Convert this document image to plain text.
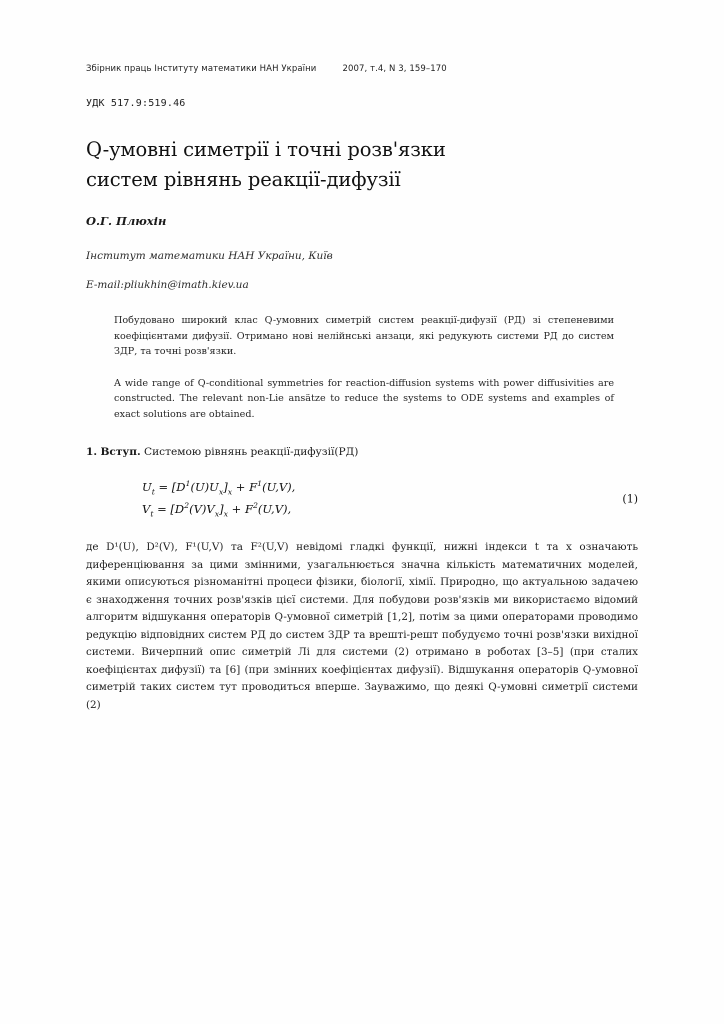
Збірник праць Інституту математики НАН України	2007, т.4, N 3, 159–170
УДК 517.9:519.46
Q-умовні симетрії і точні розв'язки
систем рівнянь реакції-дифузії
О.Г. Плюхін
Інститут математики НАН України, Київ
E-mail:pliukhin@imath.kiev.ua
Побудовано широкий клас Q-умовних симетрій систем реакції-дифузії (РД) зі степеневими коефіцієнтами дифузії. Отримано нові нелійнські анзаци, які редукують системи РД до систем ЗДР, та точні розв'язки.
A wide range of Q-conditional symmetries for reaction-diffusion systems with power diffusivities are constructed. The relevant non-Lie ansätze to reduce the systems to ODE systems and examples of exact solutions are obtained.
1. Вступ. Системою рівнянь реакції-дифузії(РД)
$U_t = [D^1(U)U_x]_x + F^1(U,V)$,
$V_t = [D^2(V)V_x]_x + F^2(U,V)$,
(1)
де D¹(U), D²(V), F¹(U,V) та F²(U,V) невідомі гладкі функції, нижні індекси t та x означають диференціювання за цими змінними, узагальнюється значна кількість математичних моделей, якими описуються різноманітні процеси фізики, біології, хімії. Природно, що актуальною задачею є знаходження точних розв'язків цієї системи. Для побудови розв'язків ми використаємо відомий алгоритм відшукання операторів Q-умовної симетрій [1,2], потім за цими операторами проводимо редукцію відповідних систем РД до систем ЗДР та врешті-решт побудуємо точні розв'язки вихідної системи. Вичерпний опис симетрій Лі для системи (2) отримано в роботах [3–5] (при сталих коефіцієнтах дифузії) та [6] (при змінних коефіцієнтах дифузії). Відшукання операторів Q-умовної симетрій таких систем тут проводиться вперше. Зауважимо, що деякі Q-умовні симетрії системи (2)
